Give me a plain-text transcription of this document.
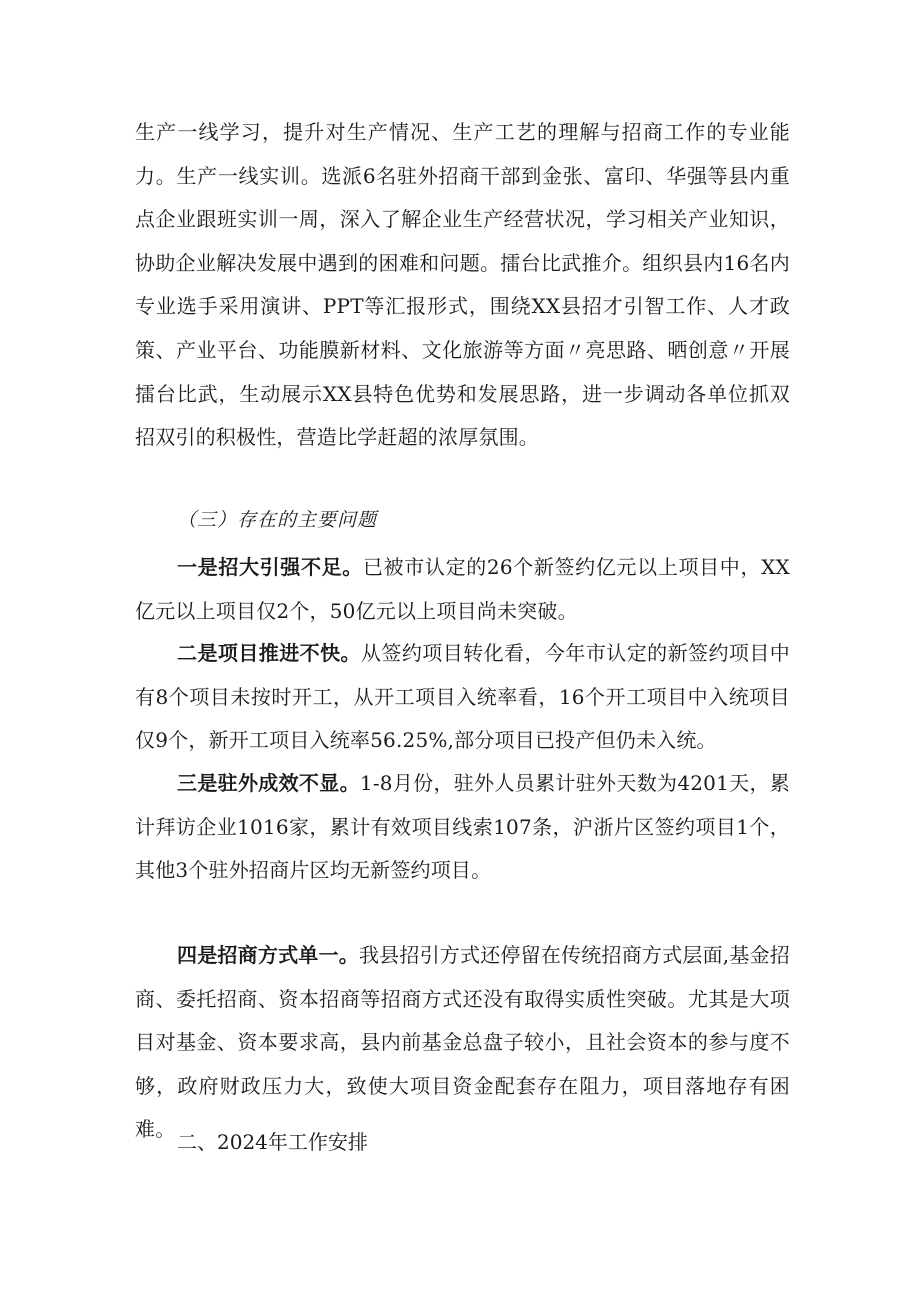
生产一线学习，提升对生产情况、生产工艺的理解与招商工作的专业能力。生产一线实训。选派6名驻外招商干部到金张、富印、华强等县内重点企业跟班实训一周，深入了解企业生产经营状况，学习相关产业知识，协助企业解决发展中遇到的困难和问题。擂台比武推介。组织县内16名内专业选手采用演讲、PPT等汇报形式，围绕XX县招才引智工作、人才政策、产业平台、功能膜新材料、文化旅游等方面〃亮思路、晒创意〃开展擂台比武，生动展示XX县特色优势和发展思路，进一步调动各单位抓双招双引的积极性，营造比学赶超的浓厚氛围。

（三）存在的主要问题

一是招大引强不足。已被市认定的26个新签约亿元以上项目中，XX亿元以上项目仅2个，50亿元以上项目尚未突破。

二是项目推进不快。从签约项目转化看，今年市认定的新签约项目中有8个项目未按时开工，从开工项目入统率看，16个开工项目中入统项目仅9个，新开工项目入统率56.25%,部分项目已投产但仍未入统。

三是驻外成效不显。1-8月份，驻外人员累计驻外天数为4201天，累计拜访企业1016家，累计有效项目线索107条，沪浙片区签约项目1个，其他3个驻外招商片区均无新签约项目。

四是招商方式单一。我县招引方式还停留在传统招商方式层面,基金招商、委托招商、资本招商等招商方式还没有取得实质性突破。尤其是大项目对基金、资本要求高，县内前基金总盘子较小，且社会资本的参与度不够，政府财政压力大，致使大项目资金配套存在阻力，项目落地存有困难。

二、2024年工作安排
